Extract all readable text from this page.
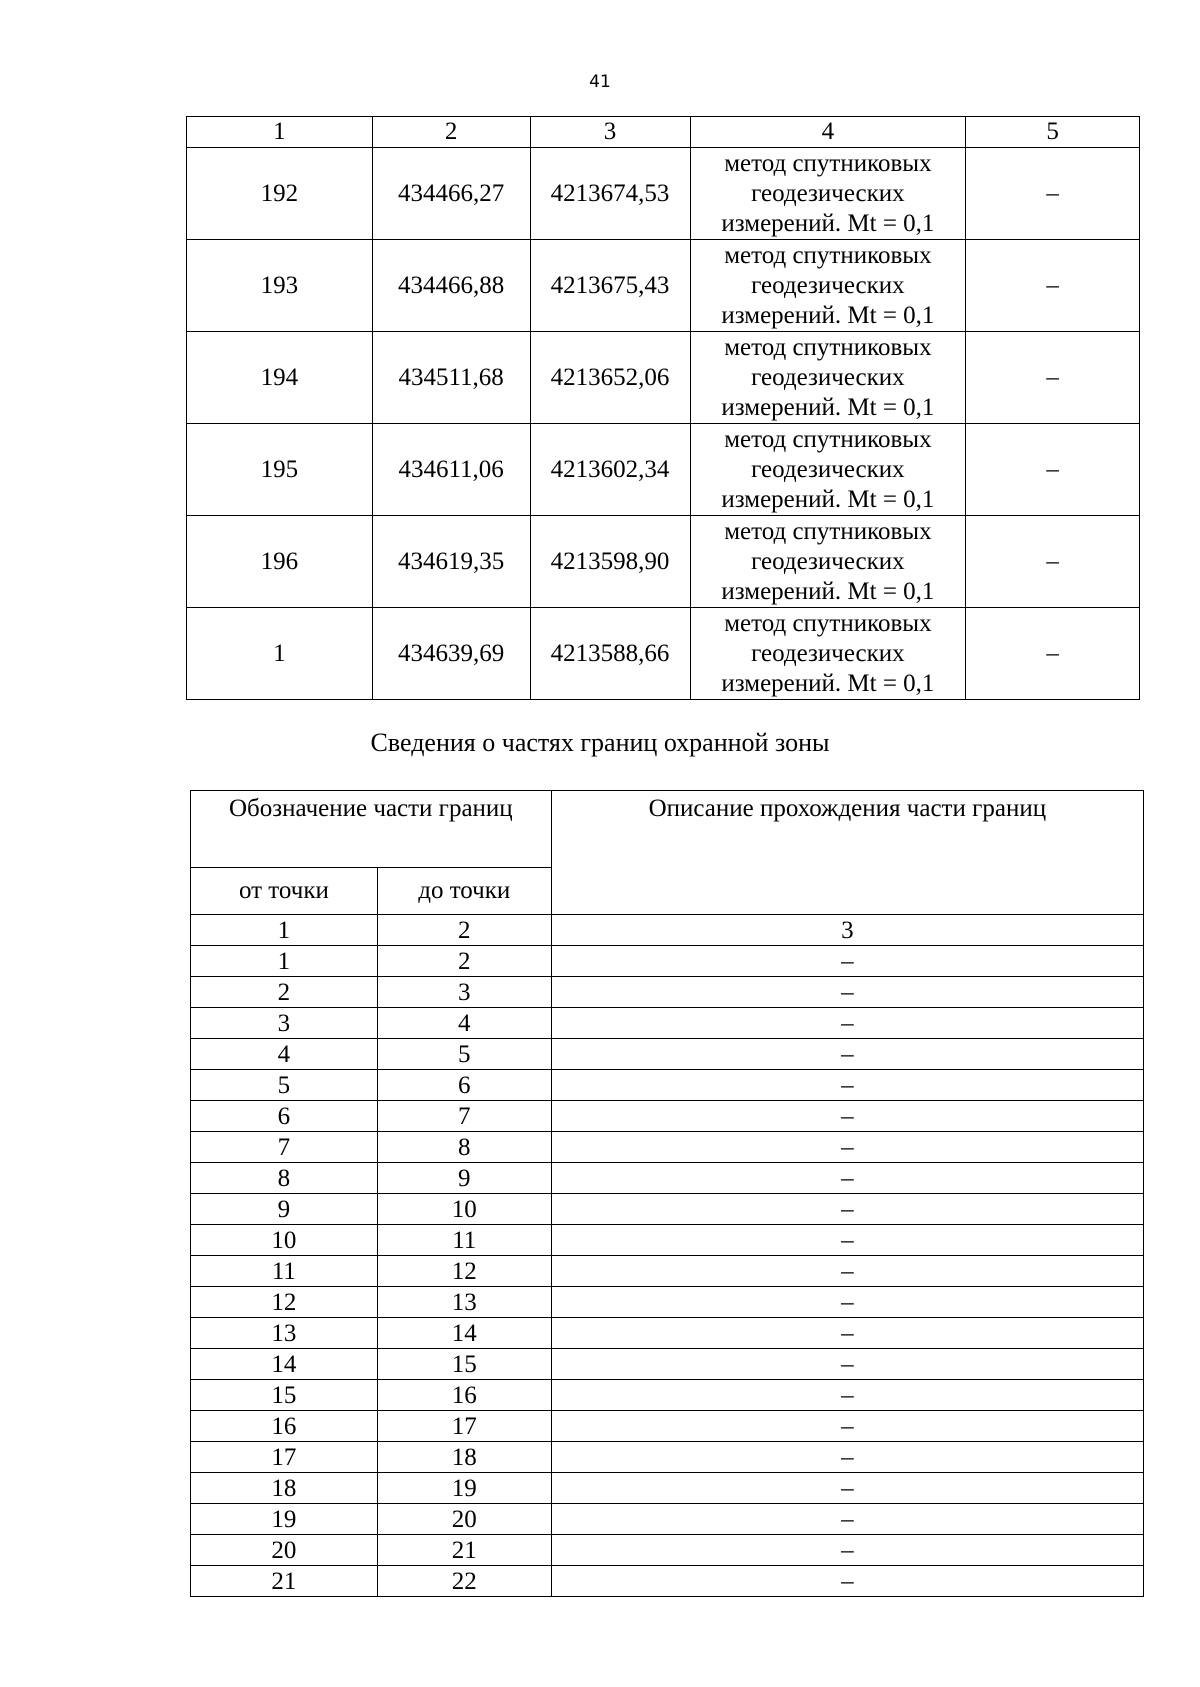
41
1	2	3	4	5
192	434466,27	4213674,53	метод спутниковых
геодезических
измерений. Mt = 0,1	–
193	434466,88	4213675,43	метод спутниковых
геодезических
измерений. Mt = 0,1	–
194	434511,68	4213652,06	метод спутниковых
геодезических
измерений. Mt = 0,1	–
195	434611,06	4213602,34	метод спутниковых
геодезических
измерений. Mt = 0,1	–
196	434619,35	4213598,90	метод спутниковых
геодезических
измерений. Mt = 0,1	–
1	434639,69	4213588,66	метод спутниковых
геодезических
измерений. Mt = 0,1	–
Сведения о частях границ охранной зоны
Обозначение части границ		Описание прохождения части границ
от точки	до точки	
1	2	3
1	2	–
2	3	–
3	4	–
4	5	–
5	6	–
6	7	–
7	8	–
8	9	–
9	10	–
10	11	–
11	12	–
12	13	–
13	14	–
14	15	–
15	16	–
16	17	–
17	18	–
18	19	–
19	20	–
20	21	–
21	22	–
